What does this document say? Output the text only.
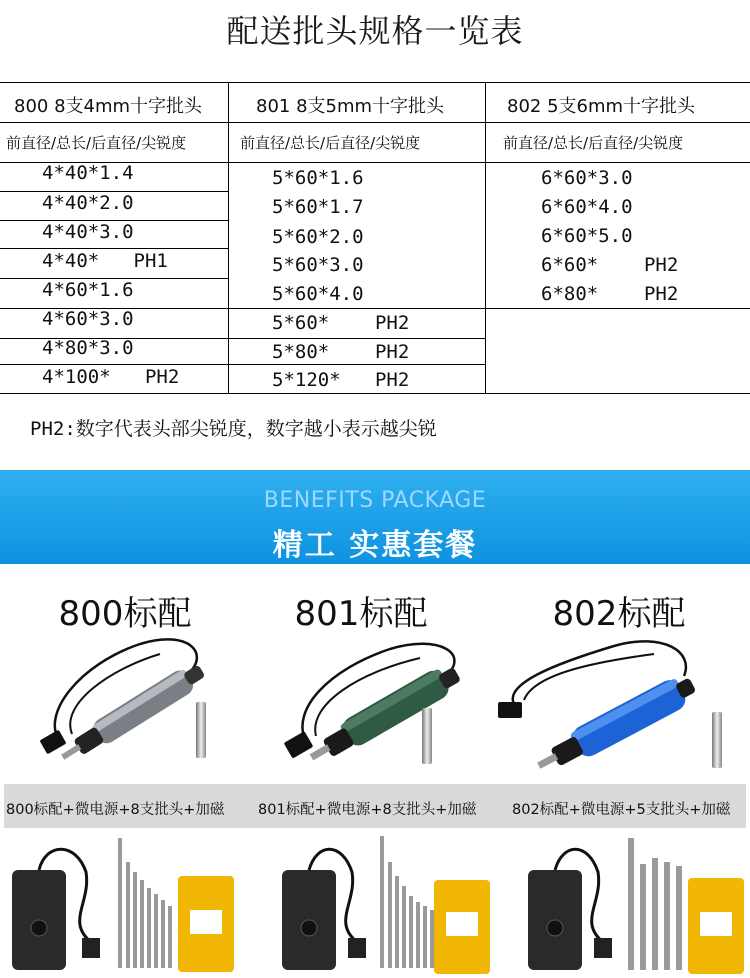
配送批头规格一览表
800 8支4mm十字批头
前直径/总长/后直径/尖锐度
4*40*1.4
4*40*2.0
4*40*3.0
4*40*   PH1
4*60*1.6
4*60*3.0
4*80*3.0
4*100*   PH2
801 8支5mm十字批头
前直径/总长/后直径/尖锐度
5*60*1.6
5*60*1.7
5*60*2.0
5*60*3.0
5*60*4.0
5*60*    PH2
5*80*    PH2
5*120*   PH2
802 5支6mm十字批头
前直径/总长/后直径/尖锐度
6*60*3.0
6*60*4.0
6*60*5.0
6*60*    PH2
6*80*    PH2
PH2:数字代表头部尖锐度，数字越小表示越尖锐
BENEFITS PACKAGE
精工 实惠套餐
800标配	801标配	802标配
800标配+微电源+8支批头+加磁 801标配+微电源+8支批头+加磁 802标配+微电源+5支批头+加磁
